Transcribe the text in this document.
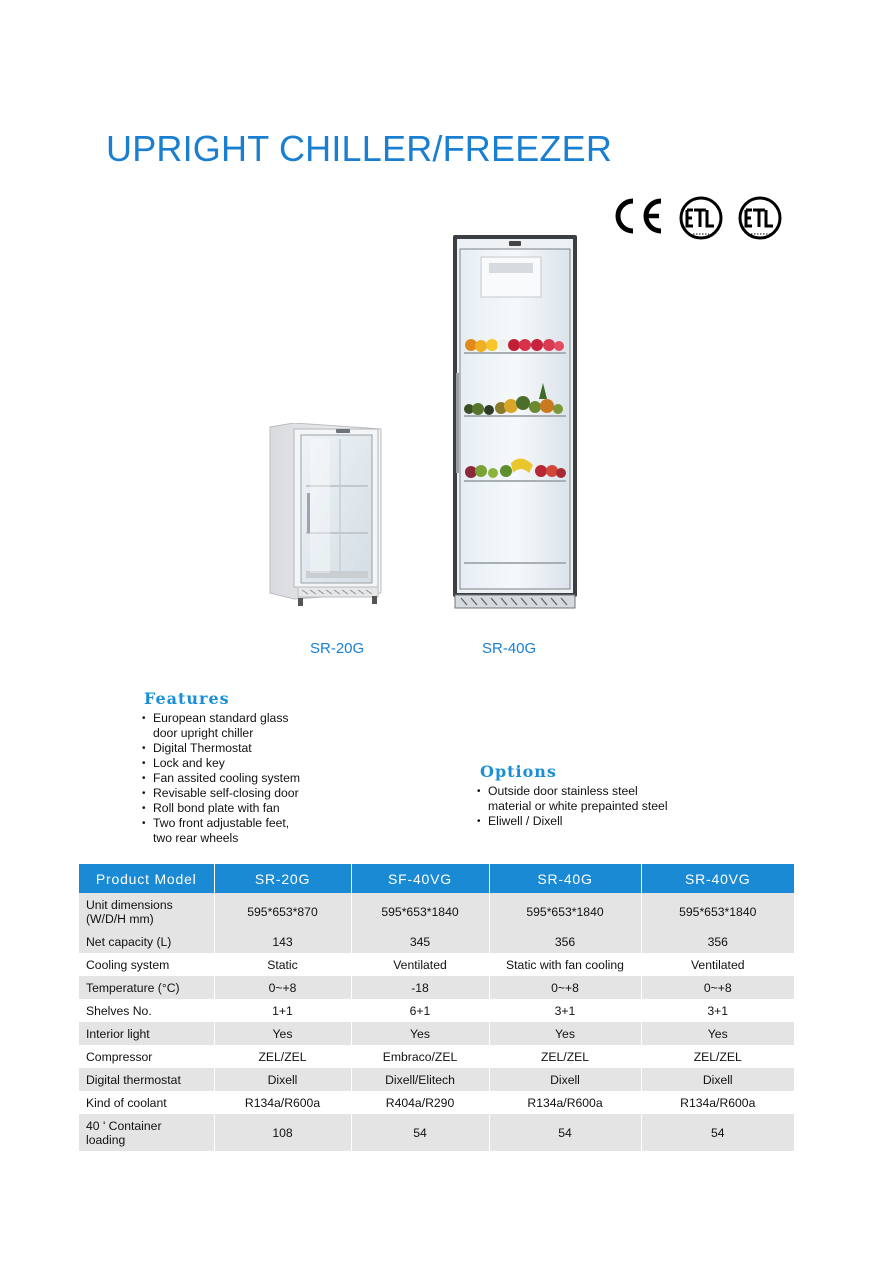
UPRIGHT CHILLER/FREEZER
SR-20G	SR-40G
Features
• European standard glass
door upright chiller
• Digital Thermostat
• Lock and key
• Fan assited cooling system
• Revisable self-closing door
• Roll bond plate with fan
• Two front adjustable feet,
two rear wheels
Options
• Outside door stainless steel
material or white prepainted steel
• Eliwell / Dixell
Product Model	SR-20G	SF-40VG	SR-40G	SR-40VG

Unit dimensions
(W/D/H mm)	595*653*870	595*653*1840	595*653*1840	595*653*1840
Net capacity (L)	143	345	356	356
Cooling system	Static	Ventilated	Static with fan cooling	Ventilated
Temperature (°C)	0~+8	-18	0~+8	0~+8
Shelves No.	1+1	6+1	3+1	3+1
Interior light	Yes	Yes	Yes	Yes
Compressor	ZEL/ZEL	Embraco/ZEL	ZEL/ZEL	ZEL/ZEL
Digital thermostat	Dixell	Dixell/Elitech	Dixell	Dixell
Kind of coolant	R134a/R600a	R404a/R290	R134a/R600a	R134a/R600a

40 ' Container
loading	108	54	54	54
